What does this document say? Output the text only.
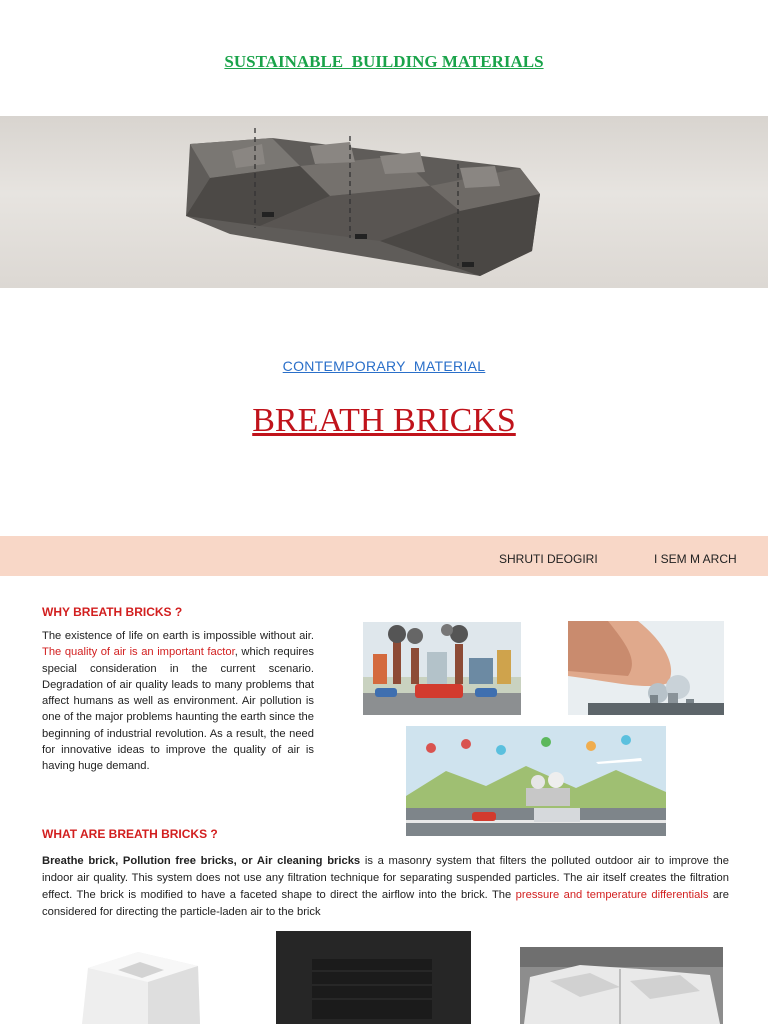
SUSTAINABLE  BUILDING MATERIALS
CONTEMPORARY  MATERIAL
BREATH BRICKS
SHRUTI DEOGIRI	I SEM M ARCH
WHY BREATH BRICKS ?
The existence of life on earth is impossible without air. The quality of air is an important factor, which requires special consideration in the current scenario. Degradation of air quality leads to many problems that affect humans as well as environment. Air pollution is one of the major problems haunting the earth since the beginning of industrial revolution. As a result, the need for innovative ideas to improve the quality of air is having huge demand.
WHAT ARE BREATH BRICKS ?
Breathe brick, Pollution free bricks, or Air cleaning bricks is a masonry system that filters the polluted outdoor air to improve the indoor air quality. This system does not use any filtration technique for separating suspended particles. The air itself creates the filtration effect. The brick is modified to have a faceted shape to direct the airflow into the brick. The pressure and temperature differentials are considered for directing the particle-laden air to the brick
